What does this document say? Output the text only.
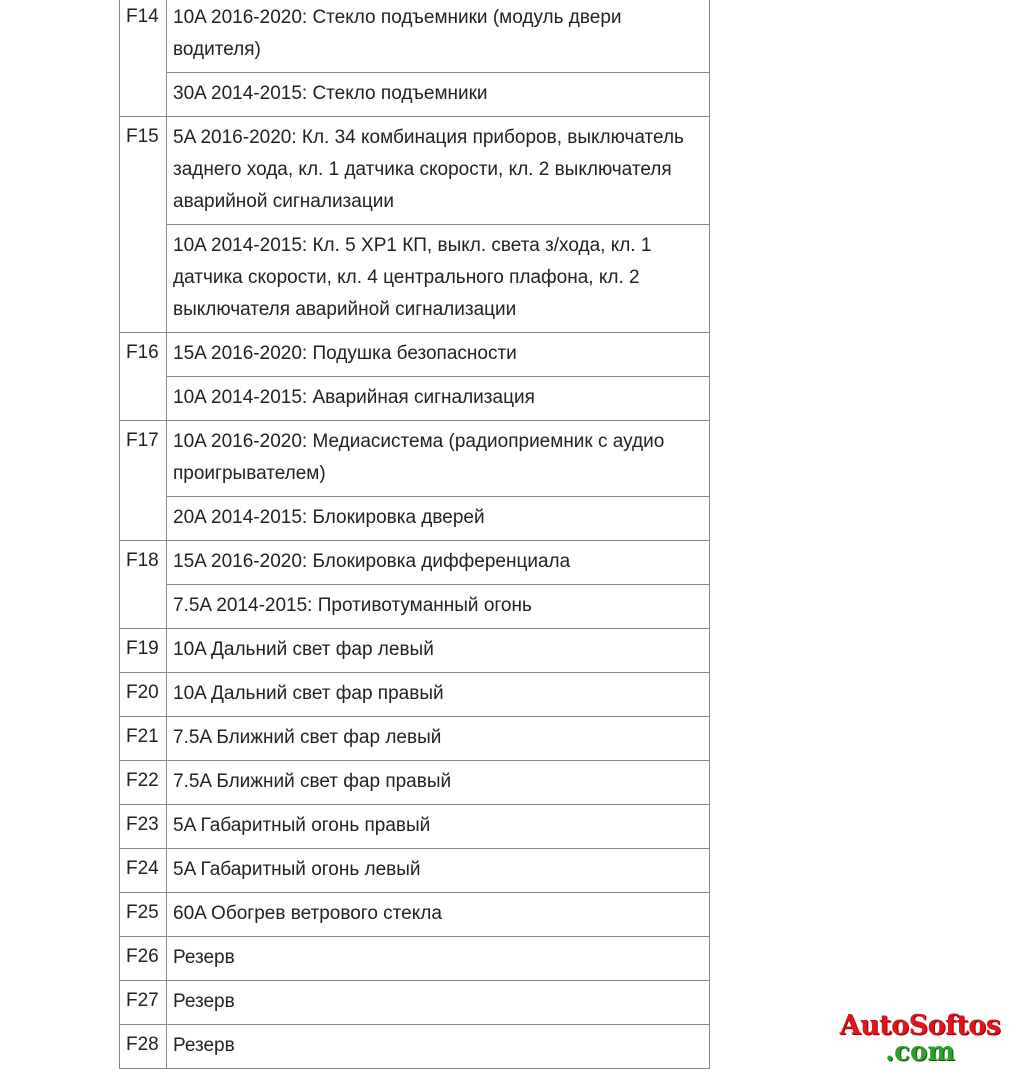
F14	10A 2016-2020: Стекло подъемники (модуль двери водителя)
	30A 2014-2015: Стекло подъемники
F15	5A 2016-2020: Кл. 34 комбинация приборов, выключатель заднего хода, кл. 1 датчика скорости, кл. 2 выключателя аварийной сигнализации
	10A 2014-2015: Кл. 5 XP1 КП, выкл. света з/хода, кл. 1 датчика скорости, кл. 4 центрального плафона, кл. 2 выключателя аварийной сигнализации
F16	15A 2016-2020: Подушка безопасности
	10A 2014-2015: Аварийная сигнализация
F17	10A 2016-2020: Медиасистема (радиоприемник с аудио проигрывателем)
	20A 2014-2015: Блокировка дверей
F18	15A 2016-2020: Блокировка дифференциала
	7.5A 2014-2015: Противотуманный огонь
F19	10A Дальний свет фар левый
F20	10A Дальний свет фар правый
F21	7.5A Ближний свет фар левый
F22	7.5A Ближний свет фар правый
F23	5A Габаритный огонь правый
F24	5A Габаритный огонь левый
F25	60A Обогрев ветрового стекла
F26	Резерв
F27	Резерв
F28	Резерв
AutoSoftos
.com
